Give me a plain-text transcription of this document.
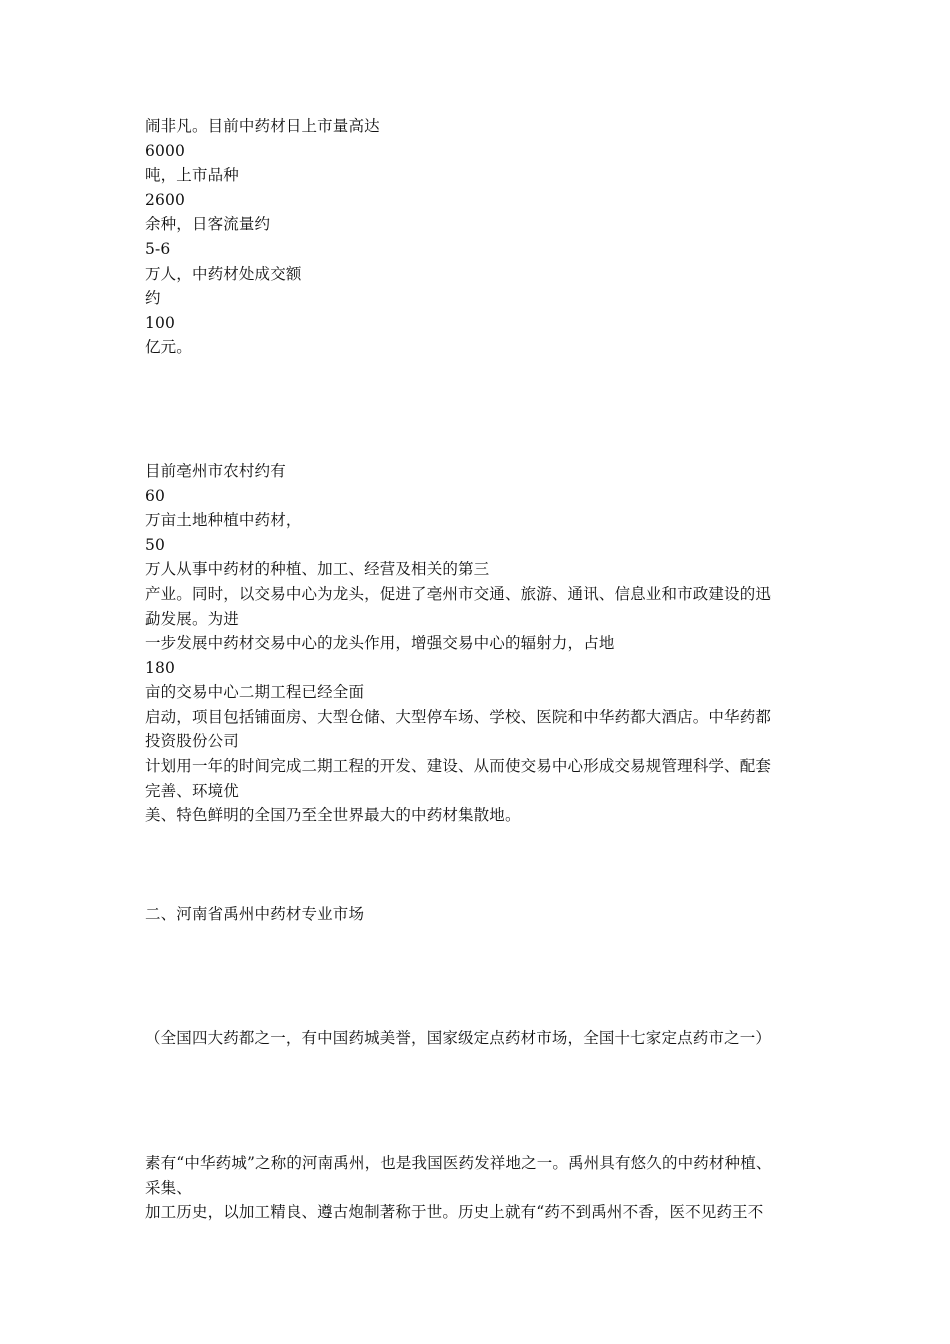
闹非凡。目前中药材日上市量高达
6000
吨，上市品种
2600
余种，日客流量约
5-6
万人，中药材处成交额
约
100
亿元。
目前亳州市农村约有
60
万亩土地种植中药材，
50
万人从事中药材的种植、加工、经营及相关的第三
产业。同时，以交易中心为龙头，促进了亳州市交通、旅游、通讯、信息业和市政建设的迅
勐发展。为进
一步发展中药材交易中心的龙头作用，增强交易中心的辐射力，占地
180
亩的交易中心二期工程已经全面
启动，项目包括铺面房、大型仓储、大型停车场、学校、医院和中华药都大酒店。中华药都
投资股份公司
计划用一年的时间完成二期工程的开发、建设、从而使交易中心形成交易规管理科学、配套
完善、环境优
美、特色鲜明的全国乃至全世界最大的中药材集散地。
二、河南省禹州中药材专业市场
（全国四大药都之一，有中国药城美誉，国家级定点药材市场，全国十七家定点药市之一）
素有“中华药城”之称的河南禹州，也是我国医药发祥地之一。禹州具有悠久的中药材种植、
采集、
加工历史，以加工精良、遵古炮制著称于世。历史上就有“药不到禹州不香，医不见药王不
